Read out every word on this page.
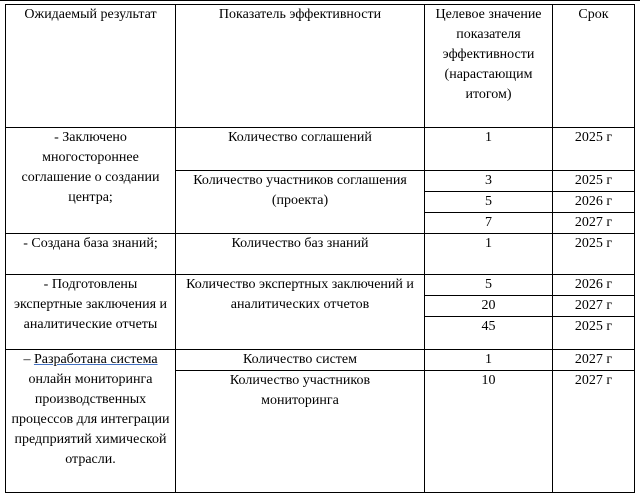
Ожидаемый результат	Показатель эффективности	Целевое значение показателя эффективности (нарастающим итогом)	Срок
- Заключено многостороннее соглашение о создании центра;	Количество соглашений	1	2025 г
	Количество участников соглашения (проекта)	3	2025 г
		5	2026 г
		7	2027 г
- Создана база знаний;	Количество баз знаний	1	2025 г
- Подготовлены экспертные заключения и аналитические отчеты	Количество экспертных заключений и аналитических отчетов	5	2026 г
		20	2027 г
		45	2025 г
– Разработана система онлайн мониторинга производственных процессов для интеграции предприятий химической отрасли.	Количество систем	1	2027 г
	Количество участников мониторинга	10	2027 г
